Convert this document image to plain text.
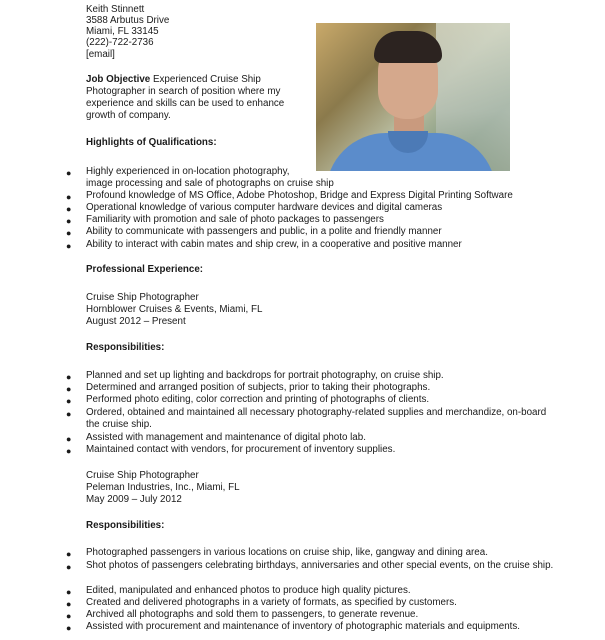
Keith Stinnett
3588 Arbutus Drive
Miami, FL 33145
(222)-722-2736
[email]
Job Objective Experienced Cruise Ship
Photographer in search of position where my
experience and skills can be used to enhance
growth of company.
Highlights of Qualifications:
● Highly experienced in on-location photography,
image processing and sale of photographs on cruise ship
● Profound knowledge of MS Office, Adobe Photoshop, Bridge and Express Digital Printing Software
● Operational knowledge of various computer hardware devices and digital cameras
● Familiarity with promotion and sale of photo packages to passengers
● Ability to communicate with passengers and public, in a polite and friendly manner
● Ability to interact with cabin mates and ship crew, in a cooperative and positive manner
Professional Experience:
Cruise Ship Photographer
Hornblower Cruises & Events, Miami, FL
August 2012 – Present
Responsibilities:
● Planned and set up lighting and backdrops for portrait photography, on cruise ship.
● Determined and arranged position of subjects, prior to taking their photographs.
● Performed photo editing, color correction and printing of photographs of clients.
● Ordered, obtained and maintained all necessary photography-related supplies and merchandize, on-board the cruise ship.
● Assisted with management and maintenance of digital photo lab.
● Maintained contact with vendors, for procurement of inventory supplies.
Cruise Ship Photographer
Peleman Industries, Inc., Miami, FL
May 2009 – July 2012
Responsibilities:
● Photographed passengers in various locations on cruise ship, like, gangway and dining area.
● Shot photos of passengers celebrating birthdays, anniversaries and other special events, on the cruise ship.
● Edited, manipulated and enhanced photos to produce high quality pictures.
● Created and delivered photographs in a variety of formats, as specified by customers.
● Archived all photographs and sold them to passengers, to generate revenue.
● Assisted with procurement and maintenance of inventory of photographic materials and equipments.
